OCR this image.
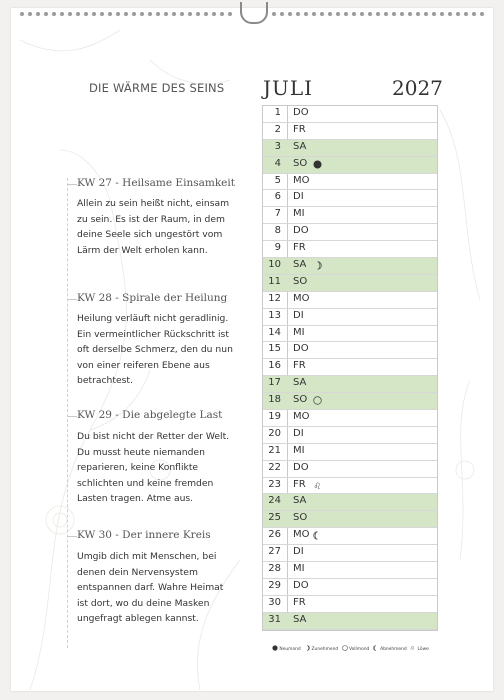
DIE WÄRME DES SEINS
KW 27 - Heilsame Einsamkeit
Allein zu sein heißt nicht, einsam zu sein. Es ist der Raum, in dem deine Seele sich ungestört vom Lärm der Welt erholen kann.
KW 28 - Spirale der Heilung
Heilung verläuft nicht geradlinig. Ein vermeintlicher Rückschritt ist oft derselbe Schmerz, den du nun von einer reiferen Ebene aus betrachtest.
KW 29 - Die abgelegte Last
Du bist nicht der Retter der Welt. Du musst heute niemanden reparieren, keine Konflikte schlichten und keine fremden Lasten tragen. Atme aus.
KW 30 - Der innere Kreis
Umgib dich mit Menschen, bei denen dein Nervensystem entspannen darf. Wahre Heimat ist dort, wo du deine Masken ungefragt ablegen kannst.
JULI	2027
1 DO
2 FR
3 SA
4 SO
5 MO
6 DI
7 MI
8 DO
9 FR
10 SA
11 SO
12 MO
13 DI
14 MI
15 DO
16 FR
17 SA
18 SO
19 MO
20 DI
21 MI
22 DO
23 FR ♌
24 SA
25 SO
26 MO
27 DI
28 MI
29 DO
30 FR
31 SA
Neumond Zunehmend Vollmond Abnehmend ♌ Löwe
